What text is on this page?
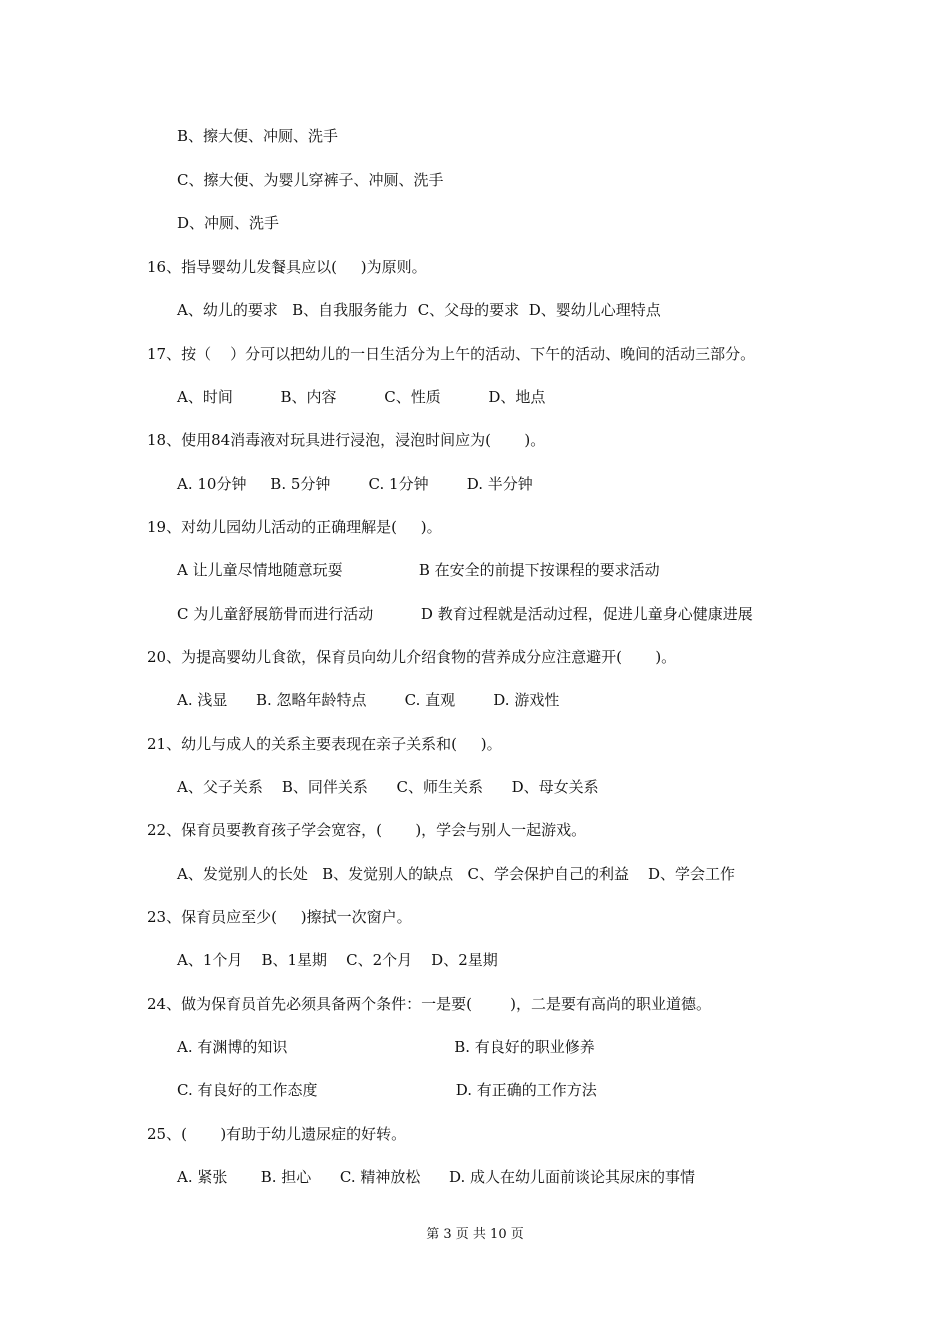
B、擦大便、冲厕、洗手
C、擦大便、为婴儿穿裤子、冲厕、洗手
D、冲厕、洗手
16、指导婴幼儿发餐具应以(     )为原则。
A、幼儿的要求   B、自我服务能力  C、父母的要求  D、婴幼儿心理特点
17、按（    ）分可以把幼儿的一日生活分为上午的活动、下午的活动、晚间的活动三部分。
A、时间          B、内容          C、性质          D、地点
18、使用84消毒液对玩具进行浸泡，浸泡时间应为(       )。
A. 10分钟     B. 5分钟        C. 1分钟        D. 半分钟
19、对幼儿园幼儿活动的正确理解是(     )。
A 让儿童尽情地随意玩耍                B 在安全的前提下按课程的要求活动
C 为儿童舒展筋骨而进行活动          D 教育过程就是活动过程，促进儿童身心健康进展
20、为提高婴幼儿食欲，保育员向幼儿介绍食物的营养成分应注意避开(       )。
A. 浅显      B. 忽略年龄特点        C. 直观        D. 游戏性
21、幼儿与成人的关系主要表现在亲子关系和(     )。
A、父子关系    B、同伴关系      C、师生关系      D、母女关系
22、保育员要教育孩子学会宽容，(       )，学会与别人一起游戏。
A、发觉别人的长处   B、发觉别人的缺点   C、学会保护自己的利益    D、学会工作
23、保育员应至少(     )擦拭一次窗户。
A、1个月    B、1星期    C、2个月    D、2星期
24、做为保育员首先必须具备两个条件：一是要(        )，二是要有高尚的职业道德。
A. 有渊博的知识                                   B. 有良好的职业修养
C. 有良好的工作态度                             D. 有正确的工作方法
25、(       )有助于幼儿遗尿症的好转。
A. 紧张       B. 担心      C. 精神放松      D. 成人在幼儿面前谈论其尿床的事情
第 3 页 共 10 页
